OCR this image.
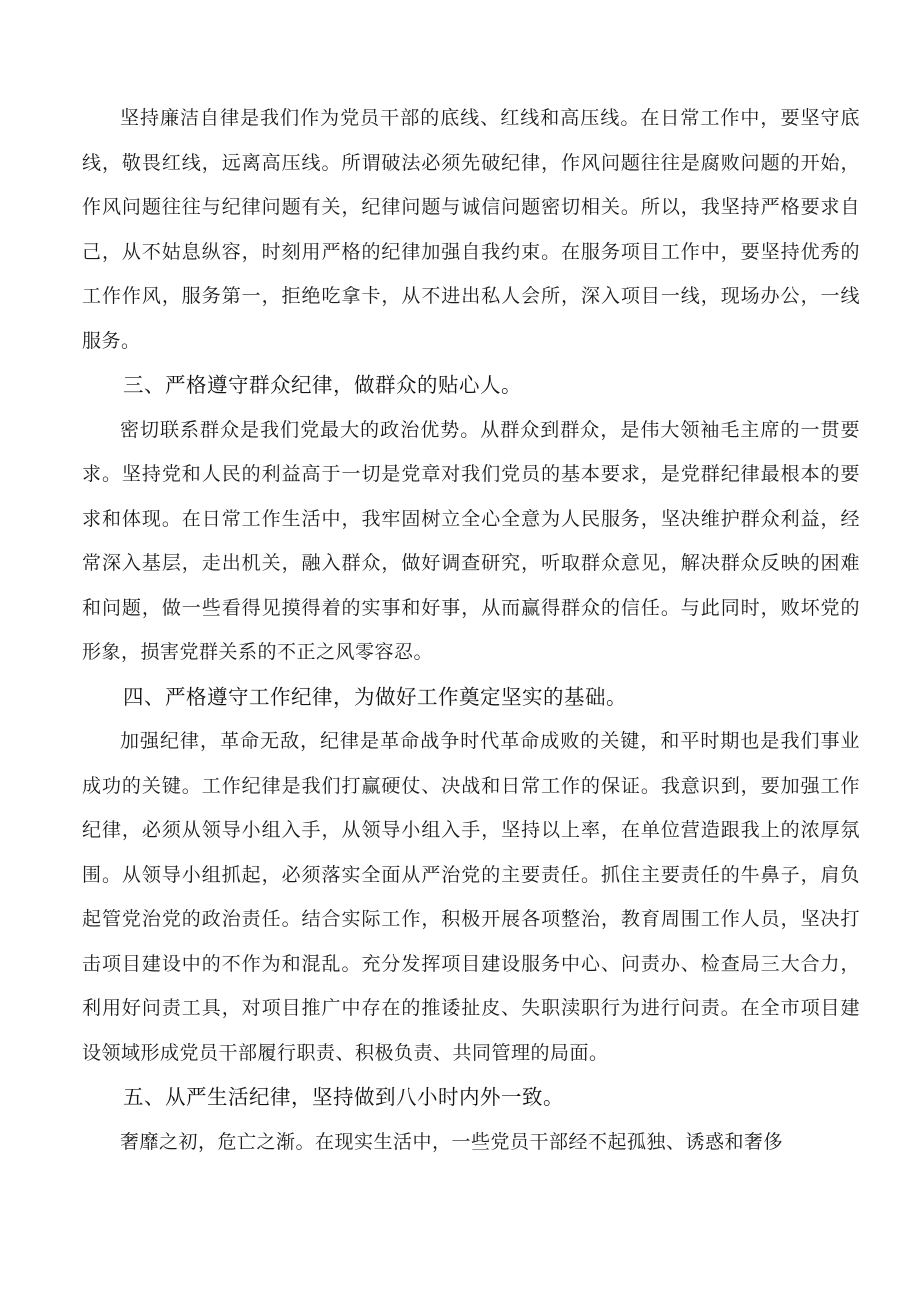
坚持廉洁自律是我们作为党员干部的底线、红线和高压线。在日常工作中，要坚守底线，敬畏红线，远离高压线。所谓破法必须先破纪律，作风问题往往是腐败问题的开始，作风问题往往与纪律问题有关，纪律问题与诚信问题密切相关。所以，我坚持严格要求自己，从不姑息纵容，时刻用严格的纪律加强自我约束。在服务项目工作中，要坚持优秀的工作作风，服务第一，拒绝吃拿卡，从不进出私人会所，深入项目一线，现场办公，一线服务。

三、严格遵守群众纪律，做群众的贴心人。

密切联系群众是我们党最大的政治优势。从群众到群众，是伟大领袖毛主席的一贯要求。坚持党和人民的利益高于一切是党章对我们党员的基本要求，是党群纪律最根本的要求和体现。在日常工作生活中，我牢固树立全心全意为人民服务，坚决维护群众利益，经常深入基层，走出机关，融入群众，做好调查研究，听取群众意见，解决群众反映的困难和问题，做一些看得见摸得着的实事和好事，从而赢得群众的信任。与此同时，败坏党的形象，损害党群关系的不正之风零容忍。

四、严格遵守工作纪律，为做好工作奠定坚实的基础。

加强纪律，革命无敌，纪律是革命战争时代革命成败的关键，和平时期也是我们事业成功的关键。工作纪律是我们打赢硬仗、决战和日常工作的保证。我意识到，要加强工作纪律，必须从领导小组入手，从领导小组入手，坚持以上率，在单位营造跟我上的浓厚氛围。从领导小组抓起，必须落实全面从严治党的主要责任。抓住主要责任的牛鼻子，肩负起管党治党的政治责任。结合实际工作，积极开展各项整治，教育周围工作人员，坚决打击项目建设中的不作为和混乱。充分发挥项目建设服务中心、问责办、检查局三大合力，利用好问责工具，对项目推广中存在的推诿扯皮、失职渎职行为进行问责。在全市项目建设领域形成党员干部履行职责、积极负责、共同管理的局面。

五、从严生活纪律，坚持做到八小时内外一致。

奢靡之初，危亡之渐。在现实生活中，一些党员干部经不起孤独、诱惑和奢侈
